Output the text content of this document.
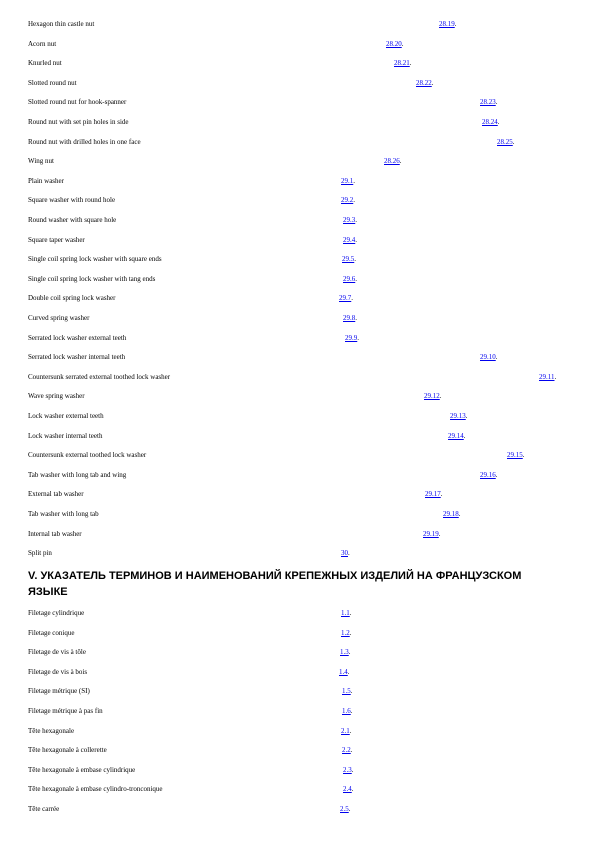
Hexagon thin castle nut	28.19.
Acorn nut	28.20.
Knurled nut	28.21.
Slotted round nut	28.22.
Slotted round nut for hook-spanner	28.23.
Round nut with set pin holes in side	28.24.
Round nut with drilled holes in one face	28.25.
Wing nut	28.26.
Plain washer	29.1.
Square washer with round hole	29.2.
Round washer with square hole	29.3.
Square taper washer	29.4.
Single coil spring lock washer with square ends	29.5.
Single coil spring lock washer with tang ends	29.6.
Double coil spring lock washer	29.7.
Curved spring washer	29.8.
Serrated lock washer external teeth	29.9.
Serrated lock washer internal teeth	29.10.
Countersunk serrated external toothed lock washer	29.11.
Wave spring washer	29.12.
Lock washer external teeth	29.13.
Lock washer internal teeth	29.14.
Countersunk external toothed lock washer	29.15.
Tab washer with long tab and wing	29.16.
External tab washer	29.17.
Tab washer with long tab	29.18.
Internal tab washer	29.19.
Split pin	30.
V. УКАЗАТЕЛЬ ТЕРМИНОВ И НАИМЕНОВАНИЙ КРЕПЕЖНЫХ ИЗДЕЛИЙ НА ФРАНЦУЗСКОМ ЯЗЫКЕ
Filetage cylindrique	1.1.
Filetage conique	1.2.
Filetage de vis à tôle	1.3.
Filetage de vis à bois	1.4.
Filetage métrique (SI)	1.5.
Filetage métrique à pas fin	1.6.
Tête hexagonale	2.1.
Tête hexagonale à collerette	2.2.
Tête hexagonale à embase cylindrique	2.3.
Tête hexagonale à embase cylindro-tronconique	2.4.
Tête carrée	2.5.
